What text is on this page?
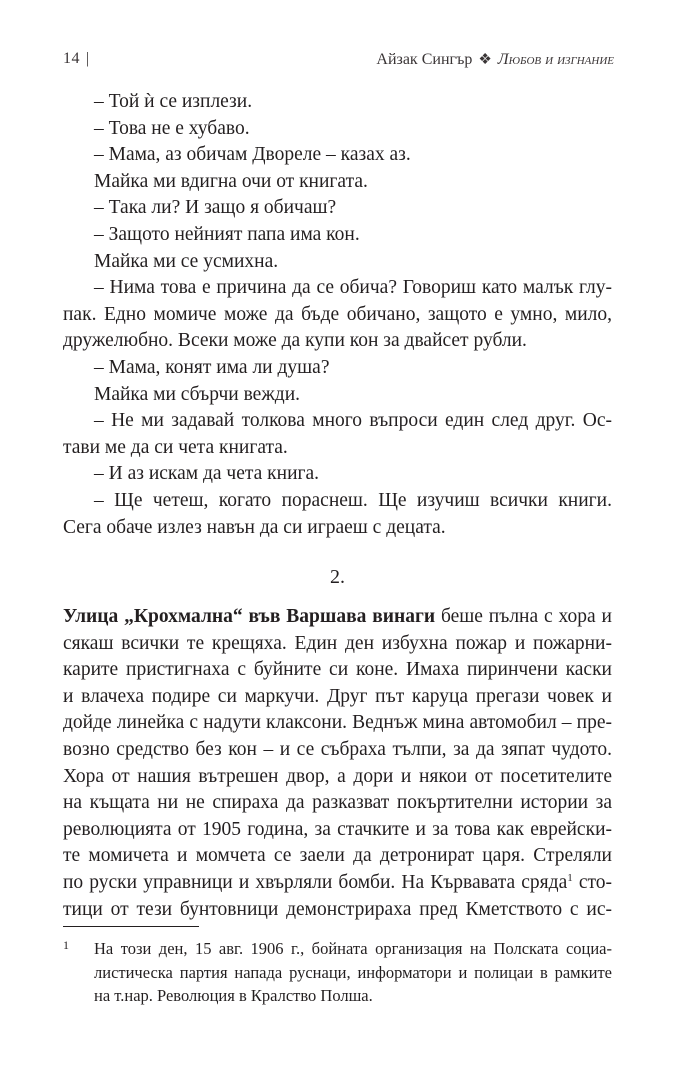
14 |	Айзак Сингър ❖ Любов и изгнание
– Той ѝ се изплези.
– Това не е хубаво.
– Мама, аз обичам Двореле – казах аз.
Майка ми вдигна очи от книгата.
– Така ли? И защо я обичаш?
– Защото нейният папа има кон.
Майка ми се усмихна.
– Нима това е причина да се обича? Говориш като малък глу-
пак. Едно момиче може да бъде обичано, защото е умно, мило,
дружелюбно. Всеки може да купи кон за двайсет рубли.
– Мама, конят има ли душа?
Майка ми сбърчи вежди.
– Не ми задавай толкова много въпроси един след друг. Ос-
тави ме да си чета книгата.
– И аз искам да чета книга.
– Ще четеш, когато пораснеш. Ще изучиш всички книги.
Сега обаче излез навън да си играеш с децата.
2.
Улица „Крохмална“ във Варшава винаги беше пълна с хора и
сякаш всички те крещяха. Един ден избухна пожар и пожарни-
карите пристигнаха с буйните си коне. Имаха пиринчени каски
и влачеха подире си маркучи. Друг път каруца прегази човек и
дойде линейка с надути клаксони. Веднъж мина автомобил – пре-
возно средство без кон – и се събраха тълпи, за да зяпат чудото.
Хора от нашия вътрешен двор, а дори и някои от посетителите
на къщата ни не спираха да разказват покъртителни истории за
революцията от 1905 година, за стачките и за това как еврейски-
те момичета и момчета се заели да детронират царя. Стреляли
по руски управници и хвърляли бомби. На Кървавата сряда$^1$ сто-
тици от тези бунтовници демонстрираха пред Кметството с ис-
1	На този ден, 15 авг. 1906 г., бойната организация на Полската социа-
листическа партия напада руснаци, информатори и полицаи в рамките
на т.нар. Революция в Кралство Полша.
